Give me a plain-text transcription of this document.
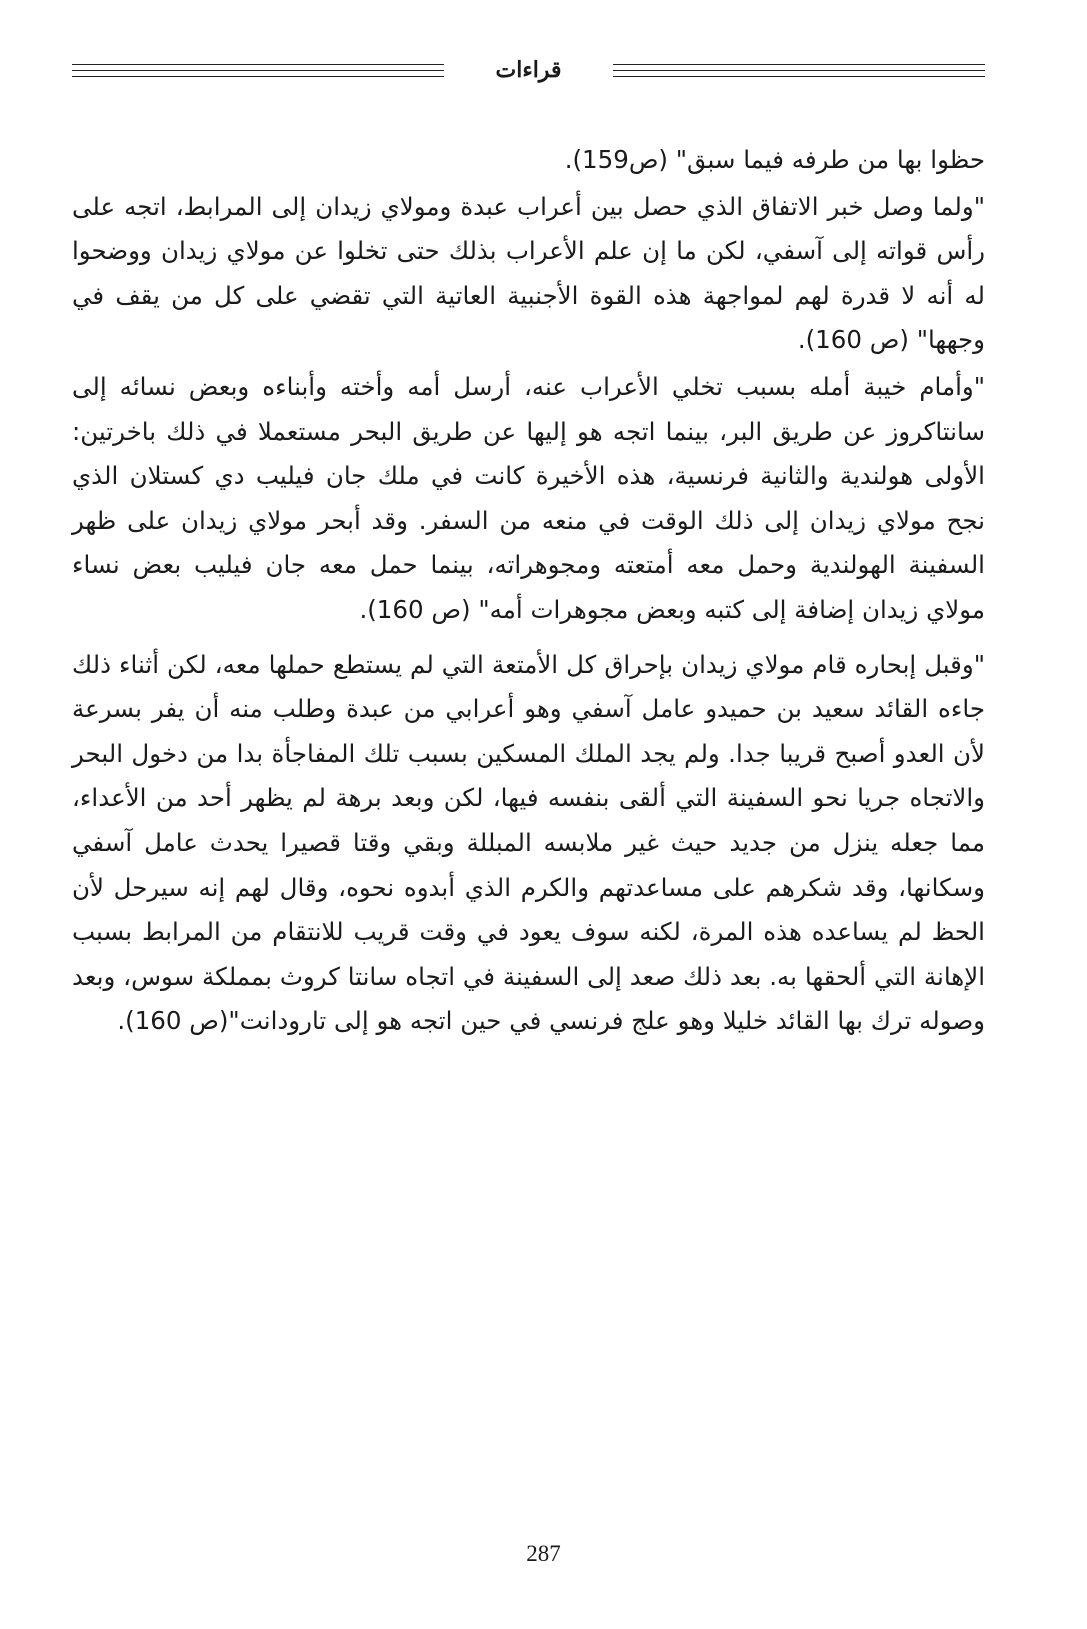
قراءات

حظوا بها من طرفه فيما سبق" (ص159).

"ولما وصل خبر الاتفاق الذي حصل بين أعراب عبدة ومولاي زيدان إلى المرابط، اتجه على رأس قواته إلى آسفي، لكن ما إن علم الأعراب بذلك حتى تخلوا عن مولاي زيدان ووضحوا له أنه لا قدرة لهم لمواجهة هذه القوة الأجنبية العاتية التي تقضي على كل من يقف في وجهها" (ص 160).

"وأمام خيبة أمله بسبب تخلي الأعراب عنه، أرسل أمه وأخته وأبناءه وبعض نسائه إلى سانتاكروز عن طريق البر، بينما اتجه هو إليها عن طريق البحر مستعملا في ذلك باخرتين: الأولى هولندية والثانية فرنسية، هذه الأخيرة كانت في ملك جان فيليب دي كستلان الذي نجح مولاي زيدان إلى ذلك الوقت في منعه من السفر. وقد أبحر مولاي زيدان على ظهر السفينة الهولندية وحمل معه أمتعته ومجوهراته، بينما حمل معه جان فيليب بعض نساء مولاي زيدان إضافة إلى كتبه وبعض مجوهرات أمه" (ص 160).

"وقبل إبحاره قام مولاي زيدان بإحراق كل الأمتعة التي لم يستطع حملها معه، لكن أثناء ذلك جاءه القائد سعيد بن حميدو عامل آسفي وهو أعرابي من عبدة وطلب منه أن يفر بسرعة لأن العدو أصبح قريبا جدا. ولم يجد الملك المسكين بسبب تلك المفاجأة بدا من دخول البحر والاتجاه جريا نحو السفينة التي ألقى بنفسه فيها، لكن وبعد برهة لم يظهر أحد من الأعداء، مما جعله ينزل من جديد حيث غير ملابسه المبللة وبقي وقتا قصيرا يحدث عامل آسفي وسكانها، وقد شكرهم على مساعدتهم والكرم الذي أبدوه نحوه، وقال لهم إنه سيرحل لأن الحظ لم يساعده هذه المرة، لكنه سوف يعود في وقت قريب للانتقام من المرابط بسبب الإهانة التي ألحقها به. بعد ذلك صعد إلى السفينة في اتجاه سانتا كروث بمملكة سوس، وبعد وصوله ترك بها القائد خليلا وهو علج فرنسي في حين اتجه هو إلى تارودانت"(ص 160).

287
